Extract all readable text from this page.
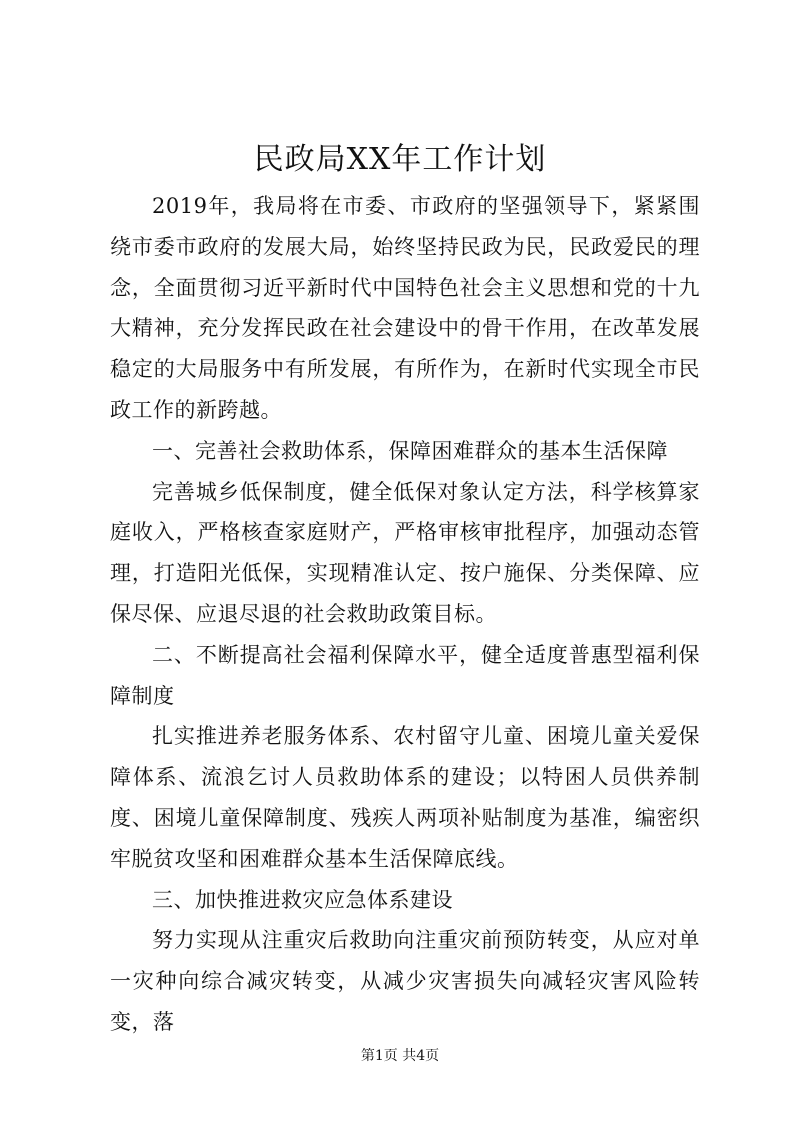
民政局XX年工作计划

2019年，我局将在市委、市政府的坚强领导下，紧紧围绕市委市政府的发展大局，始终坚持民政为民，民政爱民的理念，全面贯彻习近平新时代中国特色社会主义思想和党的十九大精神，充分发挥民政在社会建设中的骨干作用，在改革发展稳定的大局服务中有所发展，有所作为，在新时代实现全市民政工作的新跨越。

一、完善社会救助体系，保障困难群众的基本生活保障

完善城乡低保制度，健全低保对象认定方法，科学核算家庭收入，严格核查家庭财产，严格审核审批程序，加强动态管理，打造阳光低保，实现精准认定、按户施保、分类保障、应保尽保、应退尽退的社会救助政策目标。

二、不断提高社会福利保障水平，健全适度普惠型福利保障制度

扎实推进养老服务体系、农村留守儿童、困境儿童关爱保障体系、流浪乞讨人员救助体系的建设；以特困人员供养制度、困境儿童保障制度、残疾人两项补贴制度为基准，编密织牢脱贫攻坚和困难群众基本生活保障底线。

三、加快推进救灾应急体系建设

努力实现从注重灾后救助向注重灾前预防转变，从应对单一灾种向综合减灾转变，从减少灾害损失向减轻灾害风险转变，落

第1页 共4页
